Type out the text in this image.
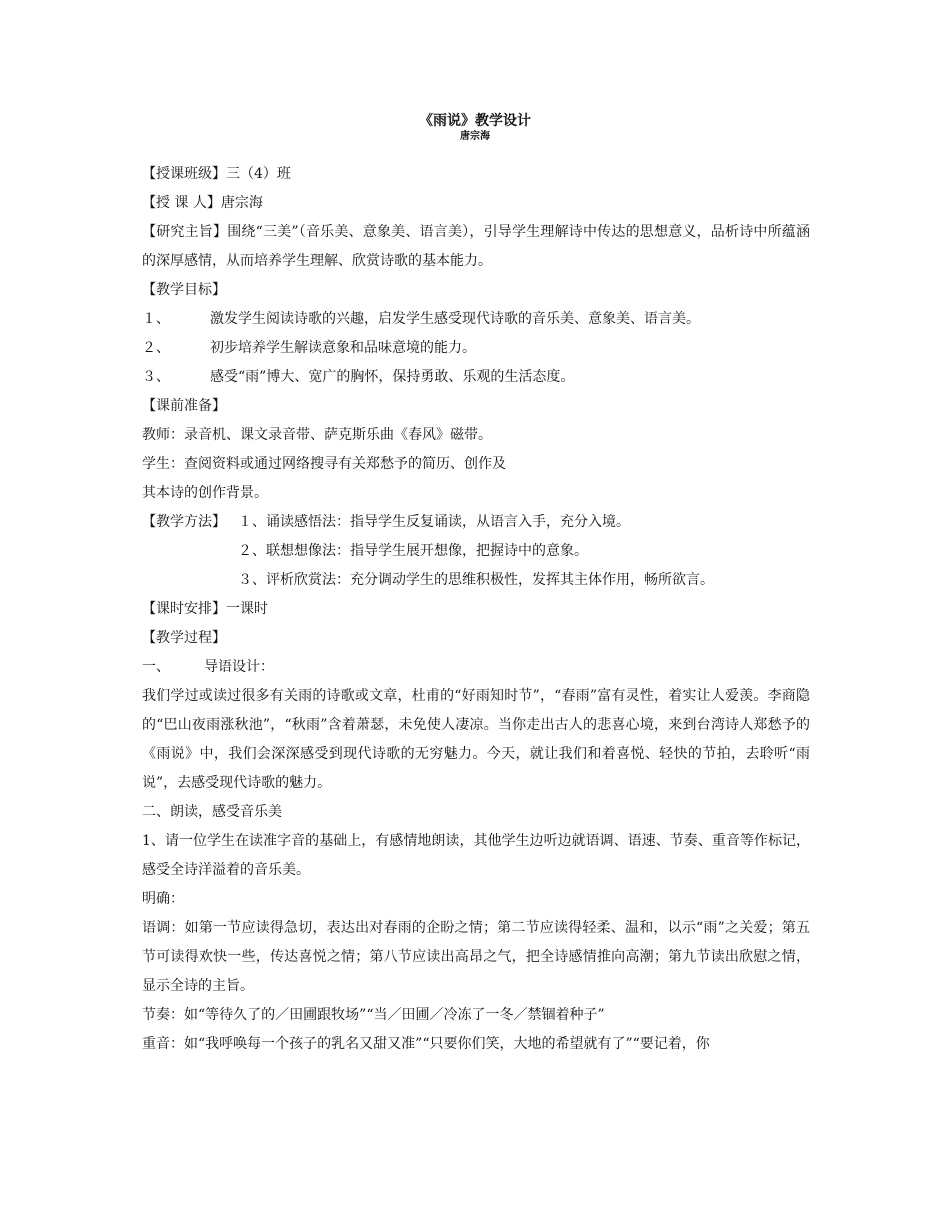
《雨说》教学设计
唐宗海

【授课班级】三（4）班

【授 课 人】唐宗海

【研究主旨】围绕“三美”（音乐美、意象美、语言美），引导学生理解诗中传达的思想意义，品析诗中所蕴涵的深厚感情，从而培养学生理解、欣赏诗歌的基本能力。

【教学目标】

１、	激发学生阅读诗歌的兴趣，启发学生感受现代诗歌的音乐美、意象美、语言美。
２、	初步培养学生解读意象和品味意境的能力。
３、	感受“雨”博大、宽广的胸怀，保持勇敢、乐观的生活态度。

【课前准备】

教师：录音机、课文录音带、萨克斯乐曲《春风》磁带。

学生：查阅资料或通过网络搜寻有关郑愁予的简历、创作及

其本诗的创作背景。

【教学方法】 １、诵读感悟法：指导学生反复诵读，从语言入手，充分入境。

２、联想想像法：指导学生展开想像，把握诗中的意象。

３、评析欣赏法：充分调动学生的思维积极性，发挥其主体作用，畅所欲言。

【课时安排】一课时

【教学过程】

一、	导语设计：

我们学过或读过很多有关雨的诗歌或文章，杜甫的“好雨知时节”，“春雨”富有灵性，着实让人爱羡。李商隐的“巴山夜雨涨秋池”，“秋雨”含着萧瑟，未免使人凄凉。当你走出古人的悲喜心境，来到台湾诗人郑愁予的《雨说》中，我们会深深感受到现代诗歌的无穷魅力。今天，就让我们和着喜悦、轻快的节拍，去聆听“雨说”，去感受现代诗歌的魅力。

二、朗读，感受音乐美

1、请一位学生在读准字音的基础上，有感情地朗读，其他学生边听边就语调、语速、节奏、重音等作标记，感受全诗洋溢着的音乐美。

明确：

语调：如第一节应读得急切，表达出对春雨的企盼之情；第二节应读得轻柔、温和，以示“雨”之关爱；第五节可读得欢快一些，传达喜悦之情；第八节应读出高昂之气，把全诗感情推向高潮；第九节读出欣慰之情，显示全诗的主旨。

节奏：如“等待久了的／田圃跟牧场”“当／田圃／冷冻了一冬／禁锢着种子”

重音：如“我呼唤每一个孩子的乳名又甜又准”“只要你们笑，大地的希望就有了”“要记着，你
